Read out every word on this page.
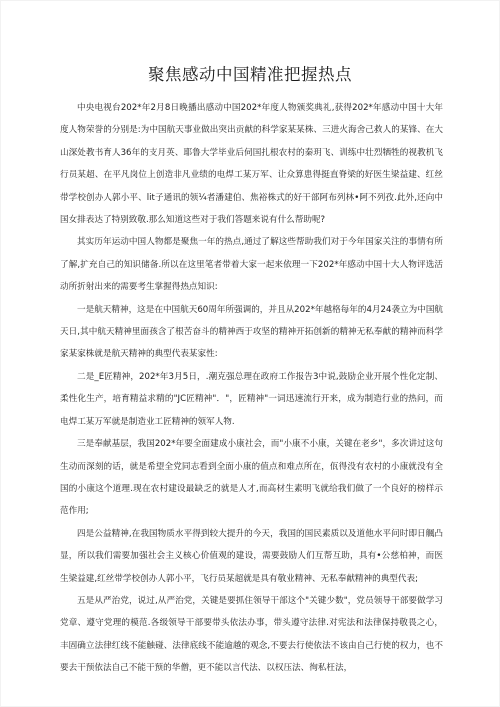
聚焦感动中国精准把握热点

中央电视台202*年2月8日晚播出感动中国202*年度人物颁奖典礼,获得202*年感动中国十大年度人物荣誉的分别是:为中国航天事业做出突出贡献的科学家某某株、三进火海舍己救人的某锋、在大山深处教书育人36年的支月英、耶鲁大学毕业后伺国扎根农村的秦玥飞、训练中壮烈牺牲的视教机飞行员某超、在平凡岗位上创造非凡业绩的电焊工某万军、让众算患得挺直脊梁的好医生梁益建、红丝带学校创办人郭小平、lit子通讯的领¼者潘建伯、焦裕株式的好干部阿布列林•阿不列孜.此外,还向中国女排表达了特别致敬.那么知道这些对于我们答题来说有什么帮助呢?

其实历年运动中国人物都是聚焦一年的热点,通过了解这些帮助我们对于今年国家关注的事情有所了解,扩充自己的知识储备.所以在这里笔者带着大家一起来依理一下202*年感动中国十大人物评选活动所折射出来的需要考生掌握得热点知识:

一是航天精神，这是在中国航天60周年所强调的，并且从202*年越格每年的4月24袭立为中国航天日,其中航天精神里面孩含了根苦奋斗的精神西于攻坚的精神开拓创新的精神无私奉献的精神而科学家某家株就是航天精神的典型代表某家性:

二是_E匠精神，202*年3月5日，.潮克强总理在政府工作报告3中说,鼓励企业开展个性化定制、柔性化生产，培育精益求精的"JC匠精神"．"，匠精神"一词迅速流行开来，成为制造行业的热问，而电焊工某万军就是制造业工匠精神的领军人物.

三是奉献基层，我国202*年要全面建成小康社会，而"小康不小康，关键在老乡"，多次讲过这句生动而深刻的话，就是希望全党同志看到全面小康的值点和难点所在，佤得没有农村的小康就没有全国的小康这个道理.现在农村建设最缺乏的就是人才,而高材生素明飞就给我们做了一个良好的榜样示范作用;

四是公益精神,在我国物质水平得到较大提升的今天，我国的国民素质以及道他水平问时即日䑺凸显，所以我们需要加强社会主义核心价值观的建设，需要鼓励人们互帮互助，具有•公慈柏神，而医生梁益建,红丝带学校创办人郭小平，飞行员某超就是具有敬业精神、无私奉献精神的典型代表;

五是从严治党，说过,从严治党，关键是要抓住领导干部这个"关键少数"，党员领导干部要做学习党章、遵守党理的模范.各级领导干部要带头依法办事，带头遵守法律.对宪法和法律保持敬畏之心，丰固确立法律红线不能触碰、法律底线不能逾越的观念,不要去行使依法不该由自己行使的权力，也不要去干预依法自己不能干预的华僧，更不能以言代法、以权压法、徇私枉法，
